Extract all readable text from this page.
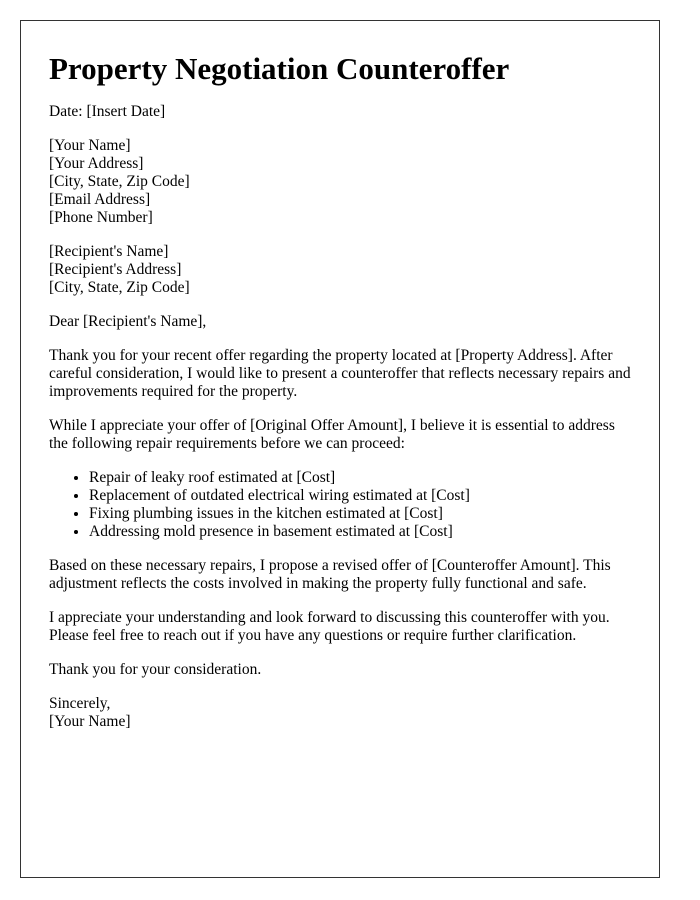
Property Negotiation Counteroffer

Date: [Insert Date]

[Your Name]
[Your Address]
[City, State, Zip Code]
[Email Address]
[Phone Number]

[Recipient's Name]
[Recipient's Address]
[City, State, Zip Code]

Dear [Recipient's Name],

Thank you for your recent offer regarding the property located at [Property Address]. After careful consideration, I would like to present a counteroffer that reflects necessary repairs and improvements required for the property.

While I appreciate your offer of [Original Offer Amount], I believe it is essential to address the following repair requirements before we can proceed:

• Repair of leaky roof estimated at [Cost]
• Replacement of outdated electrical wiring estimated at [Cost]
• Fixing plumbing issues in the kitchen estimated at [Cost]
• Addressing mold presence in basement estimated at [Cost]

Based on these necessary repairs, I propose a revised offer of [Counteroffer Amount]. This adjustment reflects the costs involved in making the property fully functional and safe.

I appreciate your understanding and look forward to discussing this counteroffer with you. Please feel free to reach out if you have any questions or require further clarification.

Thank you for your consideration.

Sincerely,
[Your Name]
